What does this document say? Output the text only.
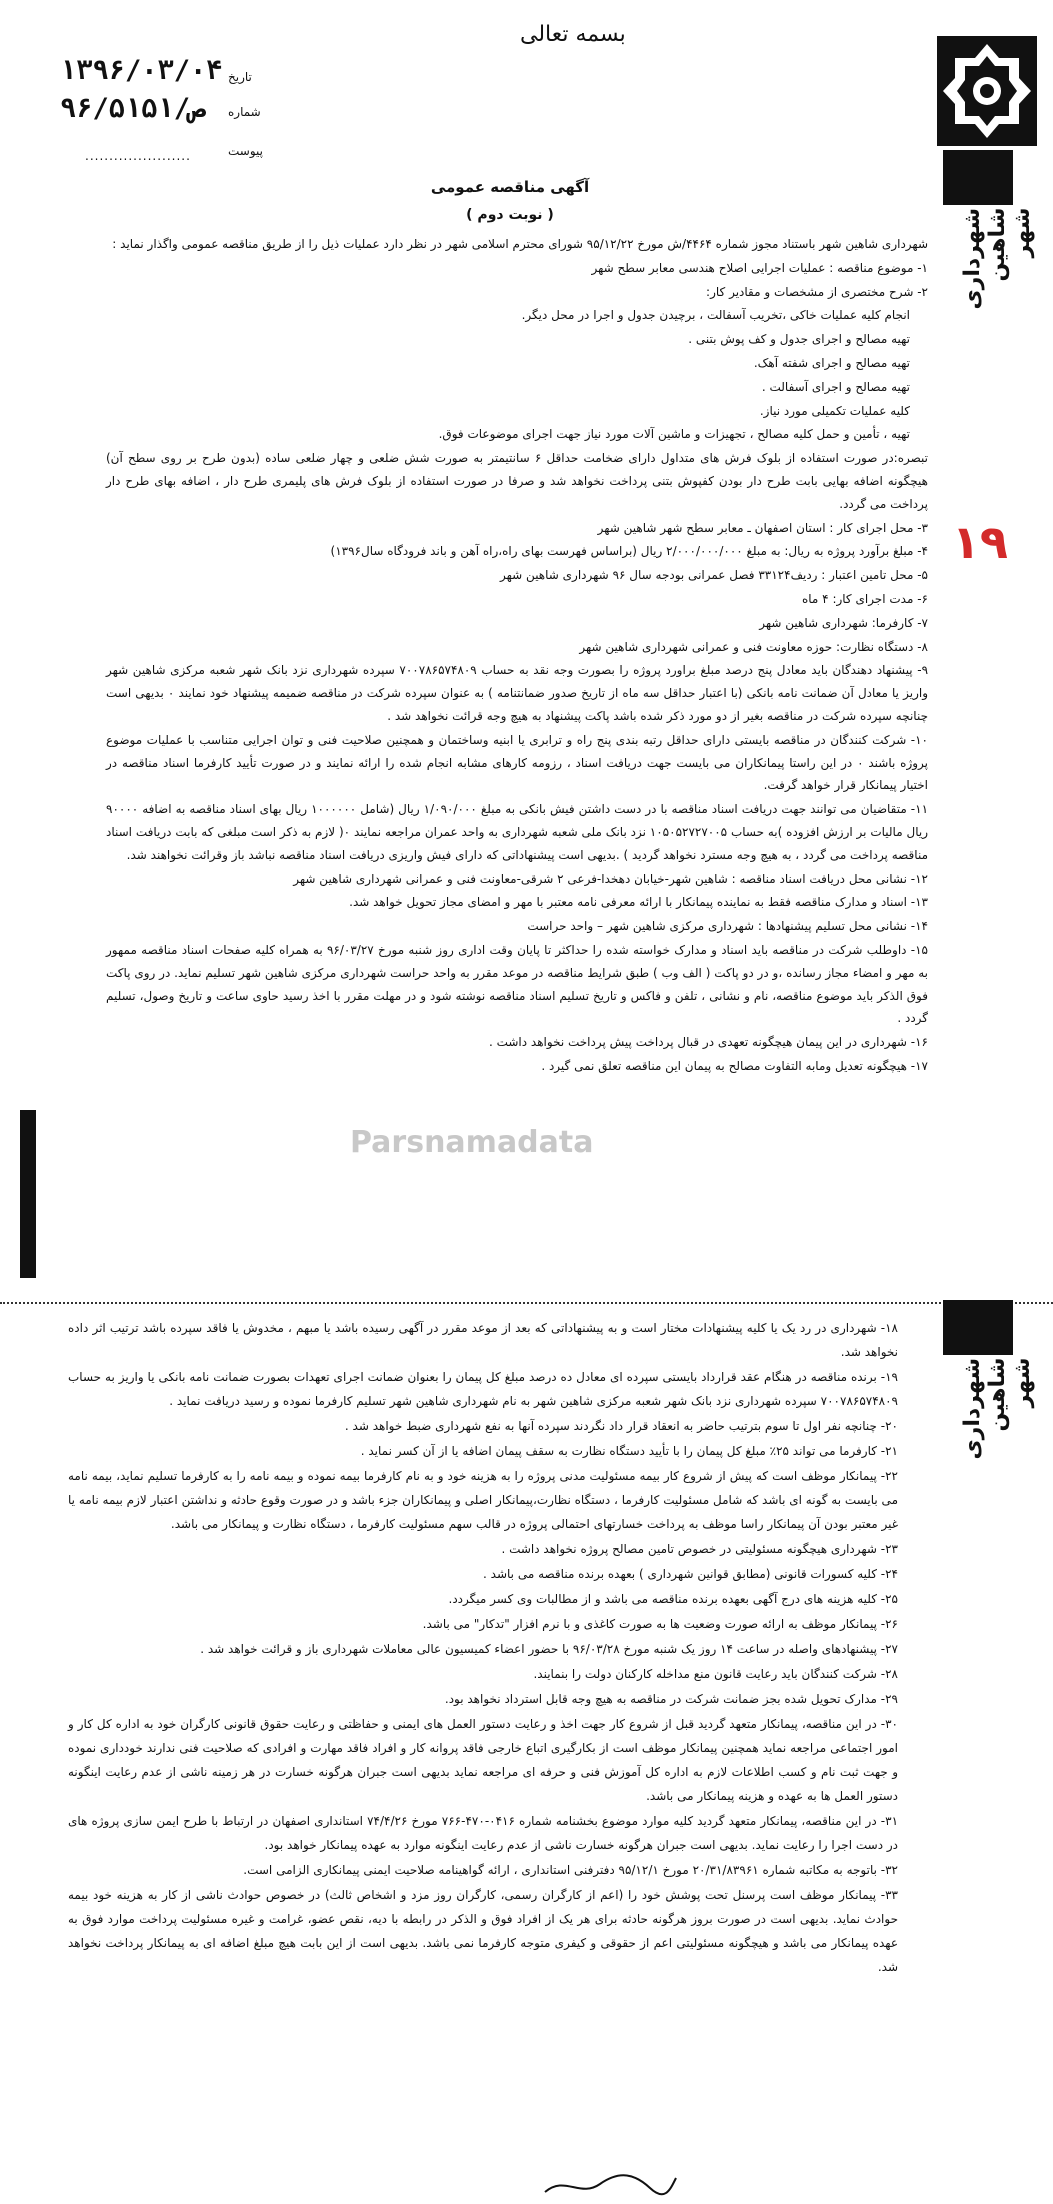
بسمه تعالی
۱۳۹۶/۰۳/۰۴
۹۶/۵۱۵۱/ص
تاریخ
شماره
پیوست
......................
شهرداری شاهین شهر
۱۹
آگهی مناقصه عمومی
( نوبت دوم )

شهرداری شاهین شهر باستناد مجوز شماره ۴۴۶۴/ش مورخ ۹۵/۱۲/۲۲ شورای محترم اسلامی شهر در نظر دارد عملیات ذیل را از طریق مناقصه عمومی واگذار نماید :

۱- موضوع مناقصه : عملیات اجرایی اصلاح هندسی معابر سطح شهر

۲- شرح مختصری از مشخصات و مقادیر کار:

انجام کلیه عملیات خاکی ،تخریب آسفالت ، برچیدن جدول و اجرا در محل دیگر.

تهیه مصالح و اجرای جدول و کف پوش بتنی .

تهیه مصالح و اجرای شفته آهک.

تهیه مصالح و اجرای آسفالت .

کلیه عملیات تکمیلی مورد نیاز.

تهیه ، تأمین و حمل کلیه مصالح ، تجهیزات و ماشین آلات مورد نیاز جهت اجرای موضوعات فوق.

تبصره:در صورت استفاده از بلوک فرش های متداول دارای ضخامت حداقل ۶ سانتیمتر به صورت شش ضلعی و چهار ضلعی ساده (بدون طرح بر روی سطح آن) هیچگونه اضافه بهایی بابت طرح دار بودن کفپوش بتنی پرداخت نخواهد شد و صرفا در صورت استفاده از بلوک فرش های پلیمری طرح دار ، اضافه بهای طرح دار پرداخت می گردد.

۳- محل اجرای کار : استان اصفهان ـ معابر سطح شهر شاهین شهر

۴- مبلغ برآورد پروژه به ریال: به مبلغ ۲/۰۰۰/۰۰۰/۰۰۰ ریال (براساس فهرست بهای راه،راه آهن و باند فرودگاه سال۱۳۹۶)

۵- محل تامین اعتبار : ردیف۳۳۱۲۴ فصل عمرانی بودجه سال ۹۶ شهرداری شاهین شهر

۶- مدت اجرای کار: ۴ ماه

۷- کارفرما: شهرداری شاهین شهر

۸- دستگاه نظارت: حوزه معاونت فنی و عمرانی شهرداری شاهین شهر

۹- پیشنهاد دهندگان باید معادل پنج درصد مبلغ براورد پروژه را بصورت وجه نقد به حساب ۷۰۰۷۸۶۵۷۴۸۰۹ سپرده شهرداری نزد بانک شهر شعبه مرکزی شاهین شهر واریز یا معادل آن ضمانت نامه بانکی (با اعتبار حداقل سه ماه از تاریخ صدور ضمانتنامه ) به عنوان سپرده شرکت در مناقصه ضمیمه پیشنهاد خود نمایند ۰ بدیهی است چنانچه سپرده شرکت در مناقصه بغیر از دو مورد ذکر شده باشد پاکت پیشنهاد به هیچ وجه قرائت نخواهد شد .

۱۰- شرکت کنندگان در مناقصه بایستی دارای حداقل رتبه بندی پنج راه و ترابری یا ابنیه وساختمان و همچنین صلاحیت فنی و توان اجرایی متناسب با عملیات موضوع پروژه باشند ۰ در این راستا پیمانکاران می بایست جهت دریافت اسناد ، رزومه کارهای مشابه انجام شده را ارائه نمایند و در صورت تأیید کارفرما اسناد مناقصه در اختیار پیمانکار قرار خواهد گرفت.

۱۱- متقاضیان می توانند جهت دریافت اسناد مناقصه با در دست داشتن فیش بانکی به مبلغ ۱/۰۹۰/۰۰۰ ریال (شامل ۱۰۰۰۰۰۰ ریال بهای اسناد مناقصه به اضافه ۹۰۰۰۰ ریال مالیات بر ارزش افزوده )به حساب ۱۰۵۰۵۲۷۲۷۰۰۵ نزد بانک ملی شعبه شهرداری به واحد عمران مراجعه نمایند ۰( لازم به ذکر است مبلغی که بابت دریافت اسناد مناقصه پرداخت می گردد ، به هیچ وجه مسترد نخواهد گردید ) .بدیهی است پیشنهاداتی که دارای فیش واریزی دریافت اسناد مناقصه نباشد باز وقرائت نخواهند شد.

۱۲- نشانی محل دریافت اسناد مناقصه : شاهین شهر-خیابان دهخدا-فرعی ۲ شرقی-معاونت فنی و عمرانی شهرداری شاهین شهر

۱۳- اسناد و مدارک مناقصه فقط به نماینده پیمانکار با ارائه معرفی نامه معتبر با مهر و امضای مجاز تحویل خواهد شد.

۱۴- نشانی محل تسلیم پیشنهادها : شهرداری مرکزی شاهین شهر – واحد حراست

۱۵- داوطلب شرکت در مناقصه باید اسناد و مدارک خواسته شده را حداکثر تا پایان وقت اداری روز شنبه مورخ ۹۶/۰۳/۲۷ به همراه کلیه صفحات اسناد مناقصه ممهور به مهر و امضاء مجاز رسانده ،و در دو پاکت ( الف وب ) طبق شرایط مناقصه در موعد مقرر به واحد حراست شهرداری مرکزی شاهین شهر تسلیم نماید. در روی پاکت فوق الذکر باید موضوع مناقصه، نام و نشانی ، تلفن و فاکس و تاریخ تسلیم اسناد مناقصه نوشته شود و در مهلت مقرر با اخذ رسید حاوی ساعت و تاریخ وصول، تسلیم گردد .

۱۶- شهرداری در این پیمان هیچگونه تعهدی در قبال پرداخت پیش پرداخت نخواهد داشت .

۱۷- هیچگونه تعدیل ومابه التفاوت مصالح به پیمان این مناقصه تعلق نمی گیرد .

Parsnamadata
شهرداری شاهین شهر

۱۸- شهرداری در رد یک یا کلیه پیشنهادات مختار است و به پیشنهاداتی که بعد از موعد مقرر در آگهی رسیده باشد یا مبهم ، مخدوش یا فاقد سپرده باشد ترتیب اثر داده نخواهد شد.

۱۹- برنده مناقصه در هنگام عقد قرارداد بایستی سپرده ای معادل ده درصد مبلغ کل پیمان را بعنوان ضمانت اجرای تعهدات بصورت ضمانت نامه بانکی یا واریز به حساب ۷۰۰۷۸۶۵۷۴۸۰۹ سپرده شهرداری نزد بانک شهر شعبه مرکزی شاهین شهر به نام شهرداری شاهین شهر تسلیم کارفرما نموده و رسید دریافت نماید .

۲۰- چنانچه نفر اول تا سوم بترتیب حاضر به انعقاد قرار داد نگردند سپرده آنها به نفع شهرداری ضبط خواهد شد .

۲۱- کارفرما می تواند ۲۵٪ مبلغ کل پیمان را با تأیید دستگاه نظارت به سقف پیمان اضافه یا از آن کسر نماید .

۲۲- پیمانکار موظف است که پیش از شروع کار بیمه مسئولیت مدنی پروژه را به هزینه خود و به نام کارفرما بیمه نموده و بیمه نامه را به کارفرما تسلیم نماید، بیمه نامه می بایست به گونه ای باشد که شامل مسئولیت کارفرما ، دستگاه نظارت،پیمانکار اصلی و پیمانکاران جزء باشد و در صورت وقوع حادثه و نداشتن اعتبار لازم بیمه نامه یا غیر معتبر بودن آن پیمانکار راسا موظف به پرداخت خسارتهای احتمالی پروژه در قالب سهم مسئولیت کارفرما ، دستگاه نظارت و پیمانکار می باشد.

۲۳- شهرداری هیچگونه مسئولیتی در خصوص تامین مصالح پروژه نخواهد داشت .

۲۴- کلیه کسورات قانونی (مطابق قوانین شهرداری ) بعهده برنده مناقصه می باشد .

۲۵- کلیه هزینه های درج آگهی بعهده برنده مناقصه می باشد و از مطالبات وی کسر میگردد.

۲۶- پیمانکار موظف به ارائه صورت وضعیت ها به صورت کاغذی و با نرم افزار "تدکار" می باشد.

۲۷- پیشنهادهای واصله در ساعت ۱۴ روز یک شنبه مورخ ۹۶/۰۳/۲۸ با حضور اعضاء کمیسیون عالی معاملات شهرداری باز و قرائت خواهد شد .

۲۸- شرکت کنندگان باید رعایت قانون منع مداخله کارکنان دولت را بنمایند.

۲۹- مدارک تحویل شده بجز ضمانت شرکت در مناقصه به هیچ وجه قابل استرداد نخواهد بود.

۳۰- در این مناقصه، پیمانکار متعهد گردید قبل از شروع کار جهت اخذ و رعایت دستور العمل های ایمنی و حفاظتی و رعایت حقوق قانونی کارگران خود به اداره کل کار و امور اجتماعی مراجعه نماید همچنین پیمانکار موظف است از بکارگیری اتباع خارجی فاقد پروانه کار و افراد فاقد مهارت و افرادی که صلاحیت فنی ندارند خودداری نموده و جهت ثبت نام و کسب اطلاعات لازم به اداره کل آموزش فنی و حرفه ای مراجعه نماید بدیهی است جبران هرگونه خسارت در هر زمینه ناشی از عدم رعایت اینگونه دستور العمل ها به عهده و هزینه پیمانکار می باشد.

۳۱- در این مناقصه، پیمانکار متعهد گردید کلیه موارد موضوع بخشنامه شماره ۰۴۱۶-۴۷۰-۷۶۶ مورخ ۷۴/۴/۲۶ استانداری اصفهان در ارتباط با طرح ایمن سازی پروژه های در دست اجرا را رعایت نماید. بدیهی است جبران هرگونه خسارت ناشی از عدم رعایت اینگونه موارد به عهده پیمانکار خواهد بود.

۳۲- باتوجه به مکاتبه شماره ۲۰/۳۱/۸۳۹۶۱ مورخ ۹۵/۱۲/۱ دفترفنی استانداری ، ارائه گواهینامه صلاحیت ایمنی پیمانکاری الزامی است.

۳۳- پیمانکار موظف است پرسنل تحت پوشش خود را (اعم از کارگران رسمی، کارگران روز مزد و اشخاص ثالث) در خصوص حوادث ناشی از کار به هزینه خود بیمه حوادث نماید. بدیهی است در صورت بروز هرگونه حادثه برای هر یک از افراد فوق و الذکر در رابطه با دیه، نقص عضو، غرامت و غیره مسئولیت پرداخت موارد فوق به عهده پیمانکار می باشد و هیچگونه مسئولیتی اعم از حقوقی و کیفری متوجه کارفرما نمی باشد. بدیهی است از این بابت هیچ مبلغ اضافه ای به پیمانکار پرداخت نخواهد شد.
